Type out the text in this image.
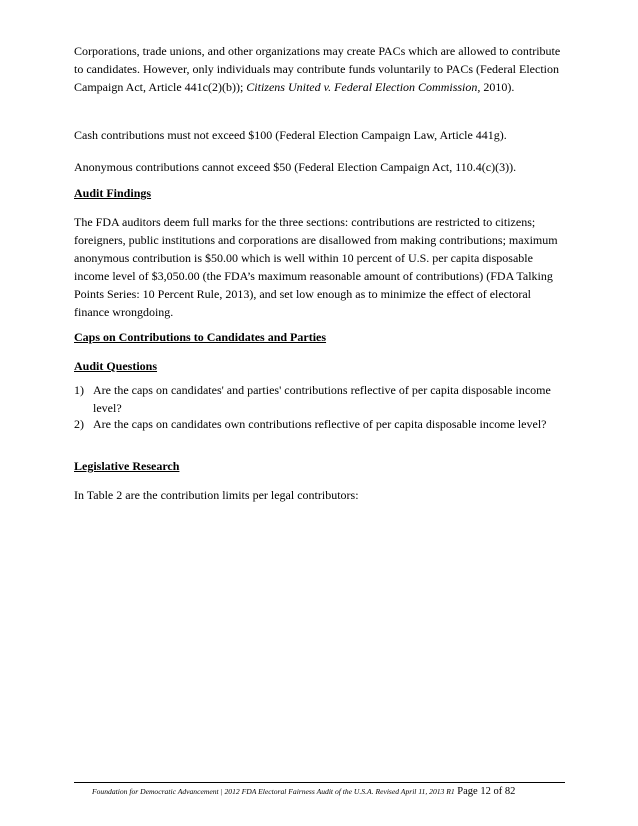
Corporations, trade unions, and other organizations may create PACs which are allowed to contribute to candidates. However, only individuals may contribute funds voluntarily to PACs (Federal Election Campaign Act, Article 441c(2)(b)); Citizens United v. Federal Election Commission, 2010).

Cash contributions must not exceed $100 (Federal Election Campaign Law, Article 441g).

Anonymous contributions cannot exceed $50 (Federal Election Campaign Act, 110.4(c)(3)).

Audit Findings

The FDA auditors deem full marks for the three sections: contributions are restricted to citizens; foreigners, public institutions and corporations are disallowed from making contributions; maximum anonymous contribution is $50.00 which is well within 10 percent of U.S. per capita disposable income level of $3,050.00 (the FDA’s maximum reasonable amount of contributions) (FDA Talking Points Series: 10 Percent Rule, 2013), and set low enough as to minimize the effect of electoral finance wrongdoing.

Caps on Contributions to Candidates and Parties

Audit Questions

1) Are the caps on candidates' and parties' contributions reflective of per capita disposable income level?
2) Are the caps on candidates own contributions reflective of per capita disposable income level?

Legislative Research

In Table 2 are the contribution limits per legal contributors:

Foundation for Democratic Advancement | 2012 FDA Electoral Fairness Audit of the U.S.A. Revised April 11, 2013 R1 Page 12 of 82
